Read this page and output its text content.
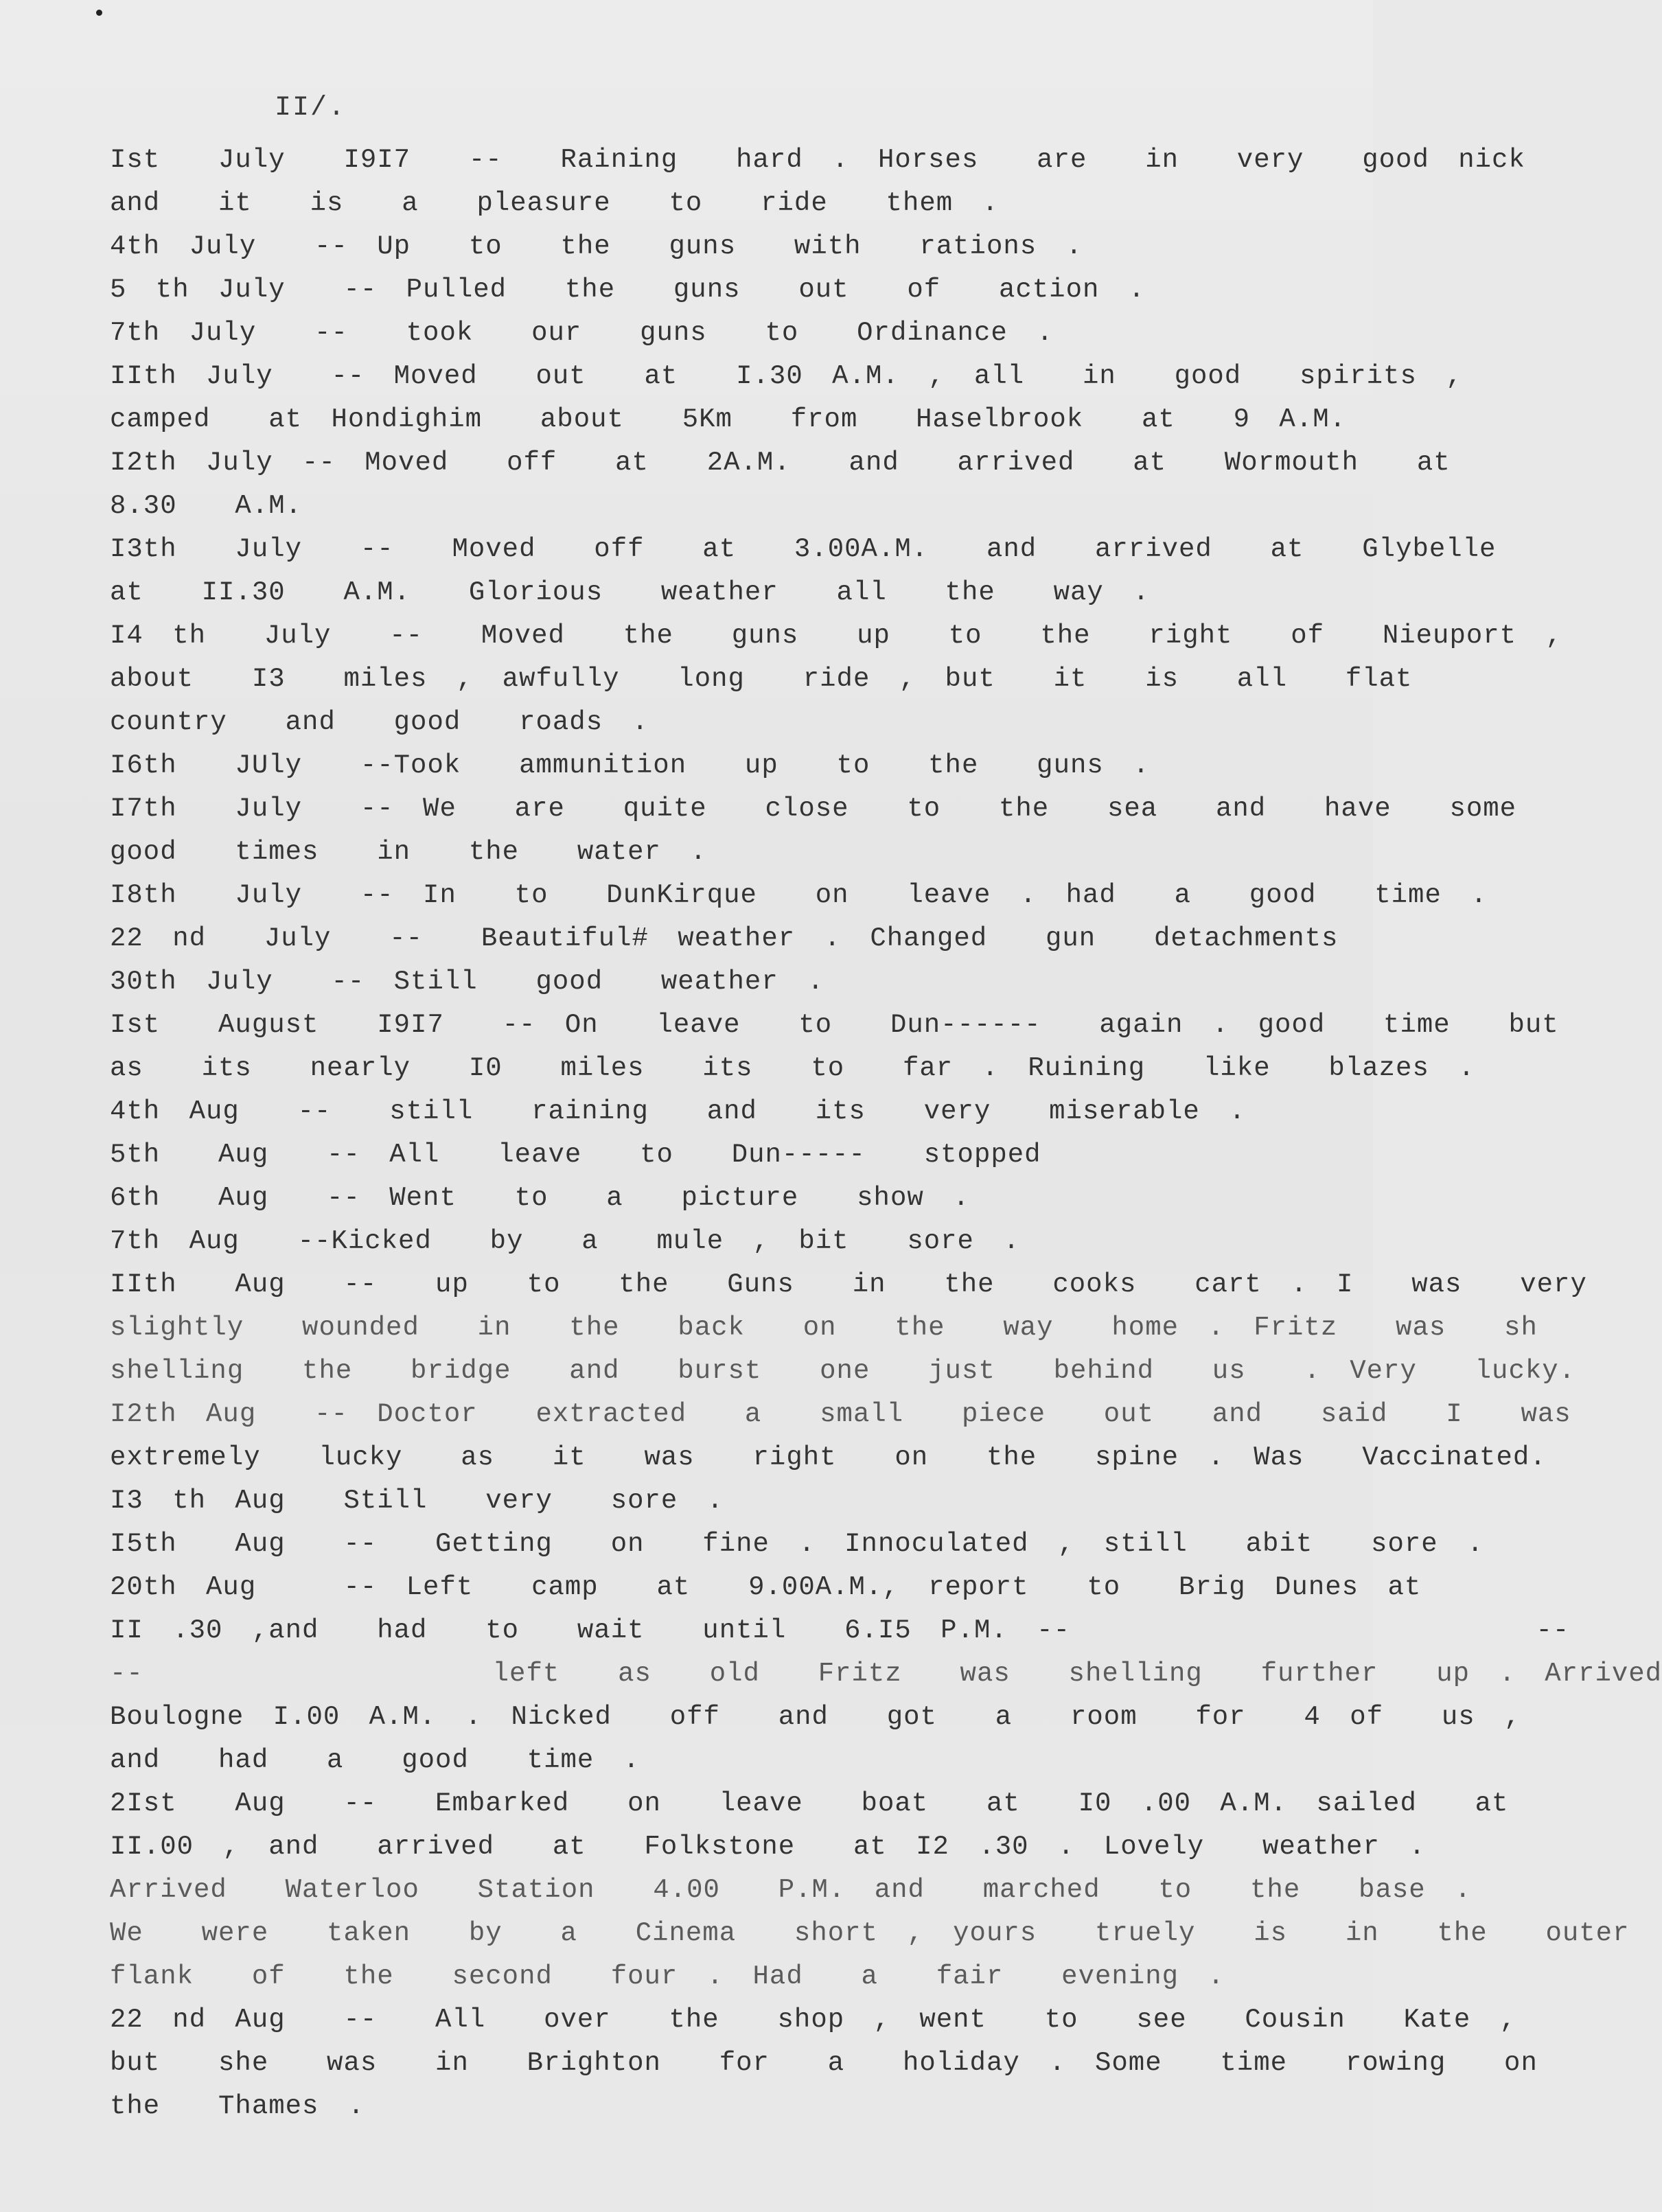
II/.
Ist  July  I9I7  --  Raining  hard . Horses  are  in  very  good nick
and  it  is  a  pleasure  to  ride  them .
4th July  -- Up  to  the  guns  with  rations .
5 th July  -- Pulled  the  guns  out  of  action .
7th July  --  took  our  guns  to  Ordinance .
IIth July  -- Moved  out  at  I.30 A.M. , all  in  good  spirits ,
camped  at Hondighim  about  5Km  from  Haselbrook  at  9 A.M.
I2th July -- Moved  off  at  2A.M.  and  arrived  at  Wormouth  at
8.30  A.M.
I3th  July  --  Moved  off  at  3.00A.M.  and  arrived  at  Glybelle
at  II.30  A.M.  Glorious  weather  all  the  way .
I4 th  July  --  Moved  the  guns  up  to  the  right  of  Nieuport ,
about  I3  miles , awfully  long  ride , but  it  is  all  flat
country  and  good  roads .
I6th  JUly  --Took  ammunition  up  to  the  guns .
I7th  July  -- We  are  quite  close  to  the  sea  and  have  some
good  times  in  the  water .
I8th  July  -- In  to  DunKirque  on  leave . had  a  good  time .
22 nd  July  --  Beautiful# weather . Changed  gun  detachments
30th July  -- Still  good  weather .
Ist  August  I9I7  -- On  leave  to  Dun------  again . good  time  but
as  its  nearly  I0  miles  its  to  far . Ruining  like  blazes .
4th Aug  --  still  raining  and  its  very  miserable .
5th  Aug  -- All  leave  to  Dun-----  stopped
6th  Aug  -- Went  to  a  picture  show .
7th Aug  --Kicked  by  a  mule , bit  sore .
IIth  Aug  --  up  to  the  Guns  in  the  cooks  cart . I  was  very
slightly  wounded  in  the  back  on  the  way  home . Fritz  was  sh
shelling  the  bridge  and  burst  one  just  behind  us  . Very  lucky.
I2th Aug  -- Doctor  extracted  a  small  piece  out  and  said  I  was
extremely  lucky  as  it  was  right  on  the  spine . Was  Vaccinated.
I3 th Aug  Still  very  sore .
I5th  Aug  --  Getting  on  fine . Innoculated , still  abit  sore .
20th Aug   -- Left  camp  at  9.00A.M., report  to  Brig Dunes at
II .30 ,and  had  to  wait  until  6.I5 P.M. --                --
--            left  as  old  Fritz  was  shelling  further  up . Arrived
Boulogne I.00 A.M. . Nicked  off  and  got  a  room  for  4 of  us ,
and  had  a  good  time .
2Ist  Aug  --  Embarked  on  leave  boat  at  I0 .00 A.M. sailed  at
II.00 , and  arrived  at  Folkstone  at I2 .30 . Lovely  weather .
Arrived  Waterloo  Station  4.00  P.M. and  marched  to  the  base .
We  were  taken  by  a  Cinema  short , yours  truely  is  in  the  outer
flank  of  the  second  four . Had  a  fair  evening .
22 nd Aug  --  All  over  the  shop , went  to  see  Cousin  Kate ,
but  she  was  in  Brighton  for  a  holiday . Some  time  rowing  on
the  Thames .
